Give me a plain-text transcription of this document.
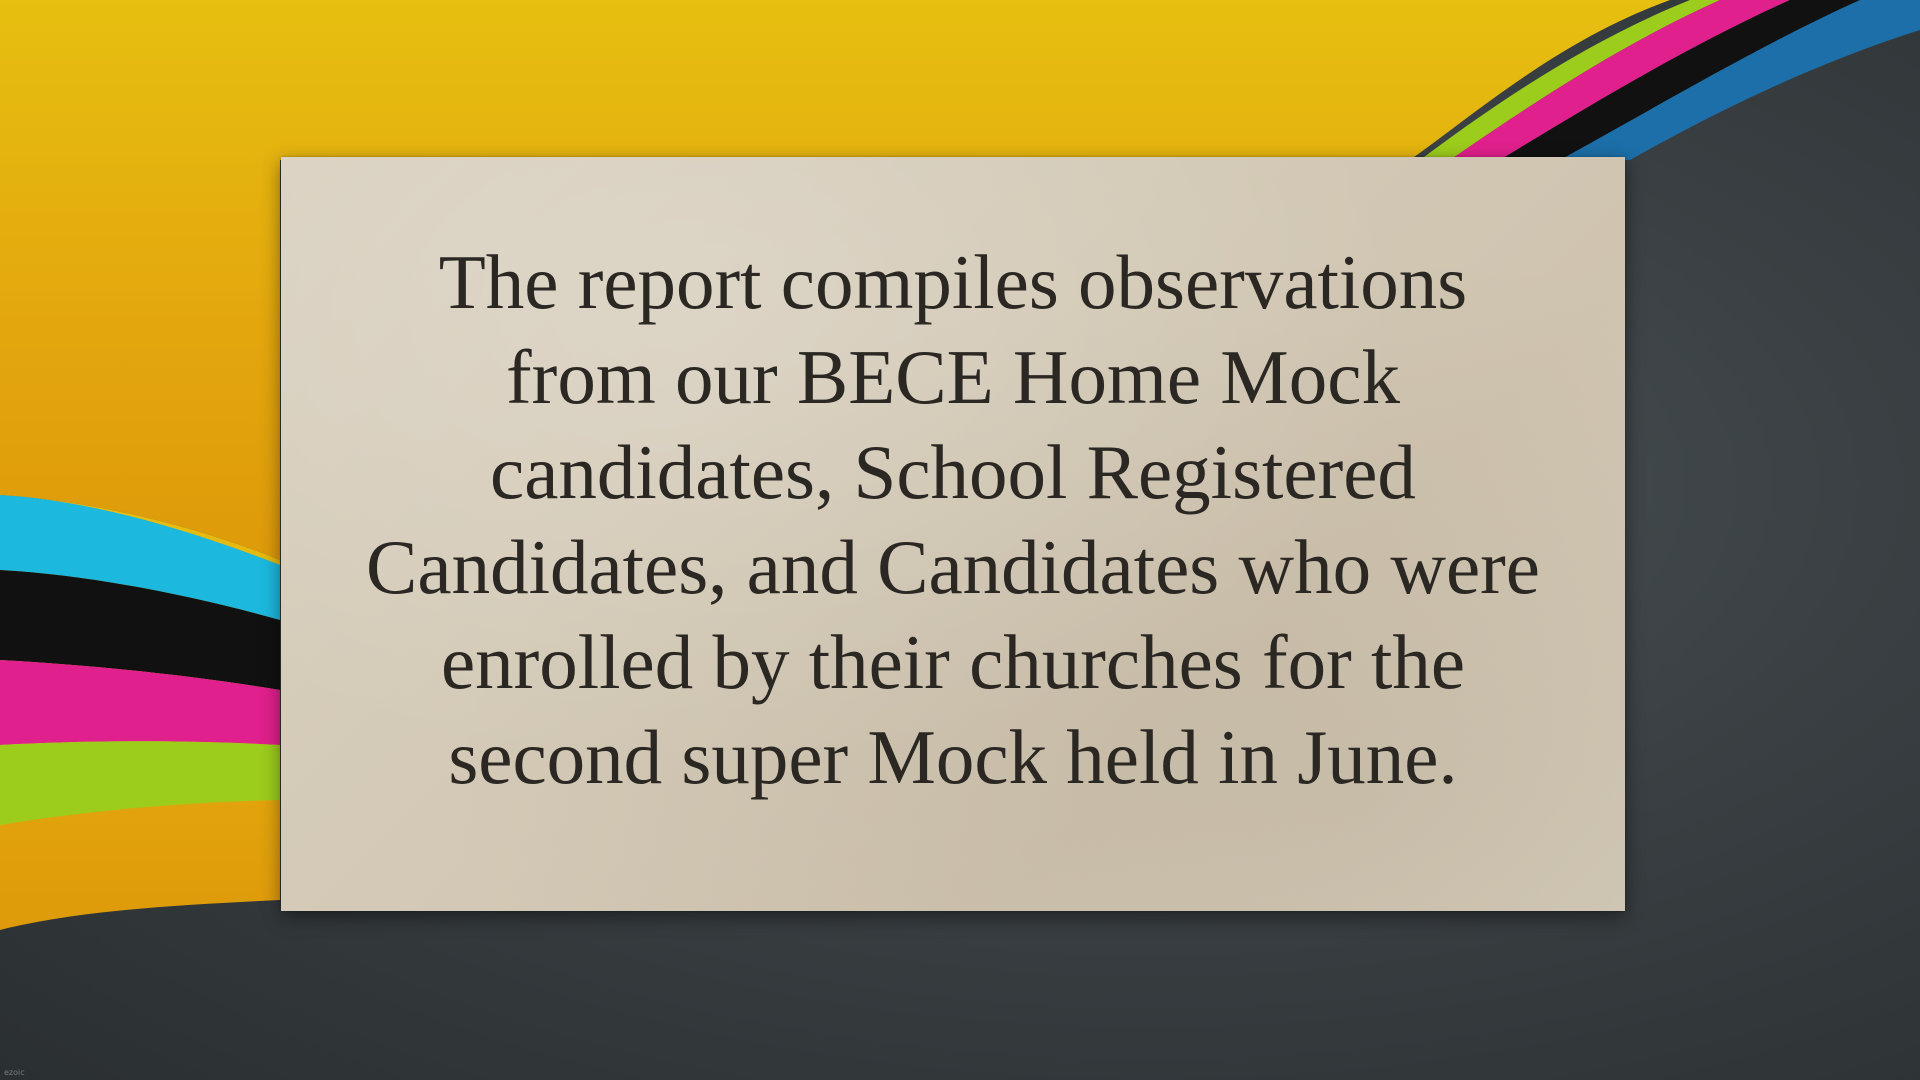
The report compiles observations
from our BECE Home Mock
candidates, School Registered
Candidates, and Candidates who were
enrolled by their churches for the
second super Mock held in June.
ezoic
